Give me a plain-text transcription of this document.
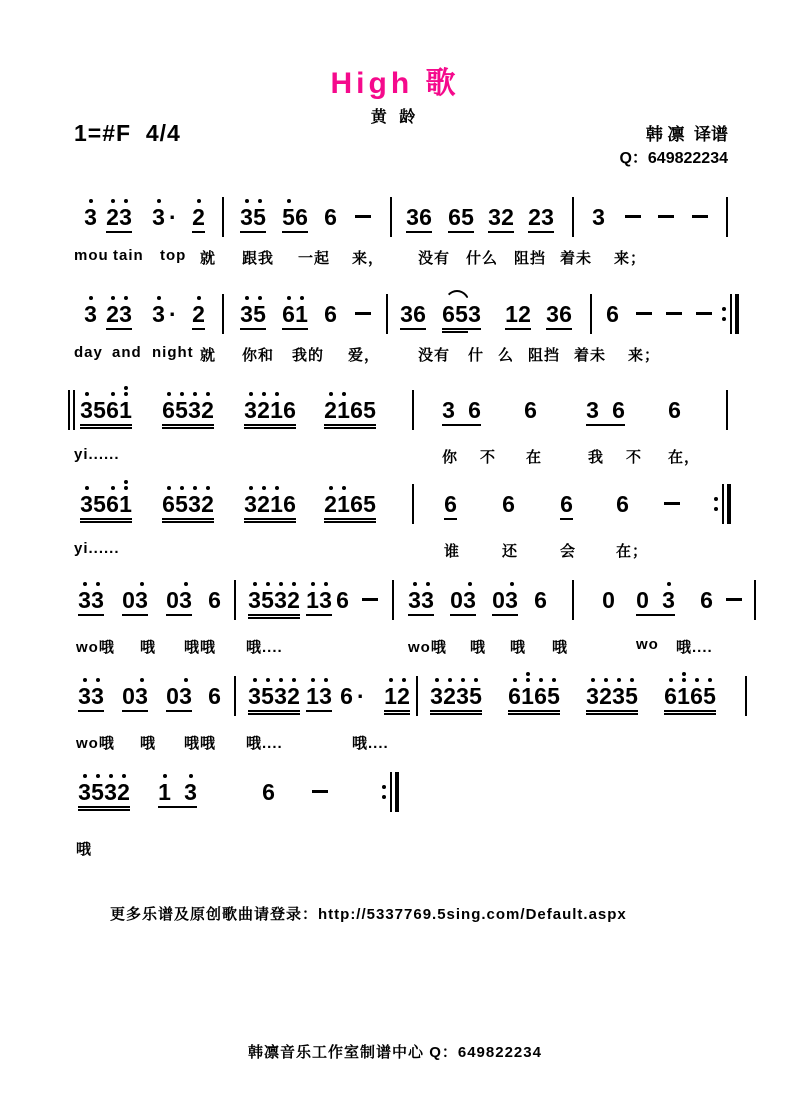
High 歌
黄 龄
1=#F  4/4	韩 凛  译谱
Q：649822234
更多乐谱及原创歌曲请登录：http://5337769.5sing.com/Default.aspx
韩凛音乐工作室制谱中心 Q：649822234
3 2 3 3 · 2 3 5 5 6 6	3 6 6 5 3 2 2 3 3
mou tain top 就 跟我 一起 来， 没有 什么 阻挡 着未 来；
3 2 3 3 · 2 3 5 6 1 6	3 6 6 5 3 1 2 3 6 6
day and night 就 你和 我的 爱，	没有 什 么 阻挡 着未 来；
3 5 6 1 6 5 3 2 3 2 1 6 2 1 6 5	3 6 6 3 6 6
yi......	你 不 在	我 不 在，
3 5 6 1 6 5 3 2 3 2 1 6 2 1 6 5	6 6 6 6
yi......	谁	还	会	在；
3 3 0 3 0 3 6 3 5 3 2 1 3 6	3 3 0 3 0 3 6 0 0 3 6
wo哦 哦 哦哦 哦....	wo哦 哦 哦 哦	wo 哦....
3 3 0 3 0 3 6 3 5 3 2 1 3 6 · 1 2 3 2 3 5 6 1 6 5 3 2 3 5 6 1 6 5
wo哦 哦 哦哦 哦....	哦....
3 5 3 2 1 3	6
哦
